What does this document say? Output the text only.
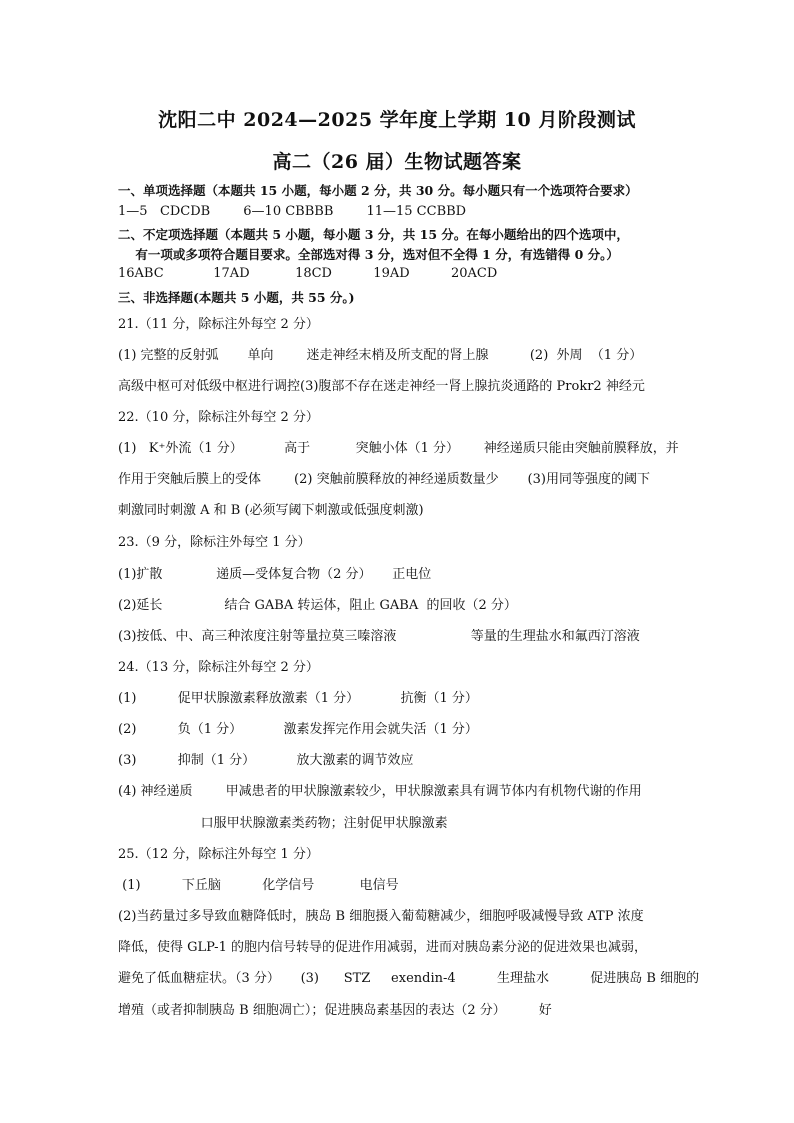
沈阳二中 2024—2025 学年度上学期 10 月阶段测试
高二（26 届）生物试题答案
一、单项选择题（本题共 15 小题，每小题 2 分，共 30 分。每小题只有一个选项符合要求）
1—5   CDCDB        6—10 CBBBB        11—15 CCBBD
二、不定项选择题（本题共 5 小题，每小题 3 分，共 15 分。在每小题给出的四个选项中，
有一项或多项符合题目要求。全部选对得 3 分，选对但不全得 1 分，有选错得 0 分。）
16ABC            17AD           18CD          19AD          20ACD
三、非选择题(本题共 5 小题，共 55 分。)
21.（11 分，除标注外每空 2 分）
(1) 完整的反射弧       单向        迷走神经末梢及所支配的肾上腺          (2)  外周  （1 分）
高级中枢可对低级中枢进行调控(3)腹部不存在迷走神经一肾上腺抗炎通路的 Prokr2 神经元
22.（10 分，除标注外每空 2 分）
(1)   K⁺外流（1 分）          高于           突触小体（1 分）      神经递质只能由突触前膜释放，并
作用于突触后膜上的受体        (2) 突触前膜释放的神经递质数量少       (3)用同等强度的阈下
刺激同时刺激 A 和 B (必须写阈下刺激或低强度刺激)
23.（9 分，除标注外每空 1 分）
(1)扩散             递质—受体复合物（2 分）     正电位
(2)延长               结合 GABA 转运体，阻止 GABA  的回收（2 分）
(3)按低、中、高三种浓度注射等量拉莫三嗪溶液                  等量的生理盐水和氟西汀溶液
24.（13 分，除标注外每空 2 分）
(1)          促甲状腺激素释放激素（1 分）          抗衡（1 分）
(2)          负（1 分）          激素发挥完作用会就失活（1 分）
(3)          抑制（1 分）          放大激素的调节效应
(4) 神经递质        甲减患者的甲状腺激素较少，甲状腺激素具有调节体内有机物代谢的作用
口服甲状腺激素类药物；注射促甲状腺激素
25.（12 分，除标注外每空 1 分）
(1)          下丘脑          化学信号           电信号
(2)当药量过多导致血糖降低时，胰岛 B 细胞摄入葡萄糖减少，细胞呼吸减慢导致 ATP 浓度
降低，使得 GLP-1 的胞内信号转导的促进作用减弱，进而对胰岛素分泌的促进效果也减弱，
避免了低血糖症状。（3 分）     (3)      STZ     exendin-4          生理盐水          促进胰岛 B 细胞的
增殖（或者抑制胰岛 B 细胞凋亡）；促进胰岛素基因的表达（2 分）        好
